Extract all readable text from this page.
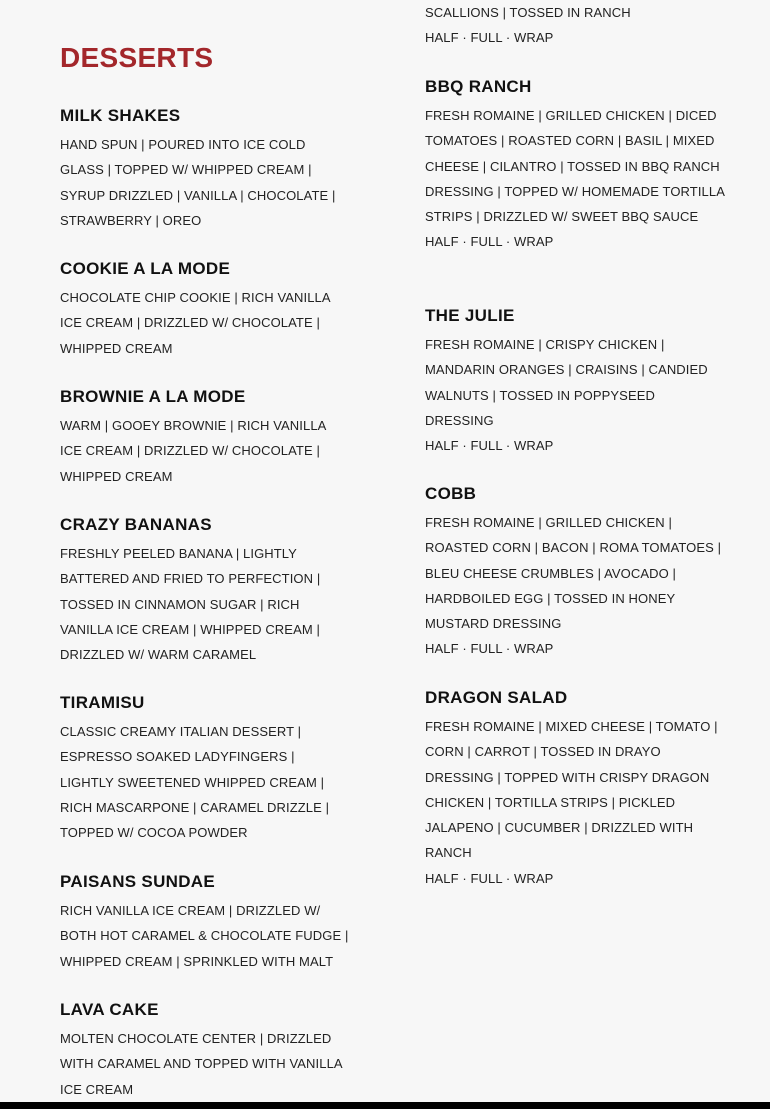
DESSERTS
MILK SHAKES

HAND SPUN | POURED INTO ICE COLD GLASS | TOPPED W/ WHIPPED CREAM | SYRUP DRIZZLED | VANILLA | CHOCOLATE | STRAWBERRY | OREO

COOKIE A LA MODE

CHOCOLATE CHIP COOKIE | RICH VANILLA ICE CREAM | DRIZZLED W/ CHOCOLATE | WHIPPED CREAM

BROWNIE A LA MODE

WARM | GOOEY BROWNIE | RICH VANILLA ICE CREAM | DRIZZLED W/ CHOCOLATE | WHIPPED CREAM

CRAZY BANANAS

FRESHLY PEELED BANANA | LIGHTLY BATTERED AND FRIED TO PERFECTION | TOSSED IN CINNAMON SUGAR | RICH VANILLA ICE CREAM | WHIPPED CREAM | DRIZZLED W/ WARM CARAMEL

TIRAMISU

CLASSIC CREAMY ITALIAN DESSERT | ESPRESSO SOAKED LADYFINGERS | LIGHTLY SWEETENED WHIPPED CREAM | RICH MASCARPONE | CARAMEL DRIZZLE | TOPPED W/ COCOA POWDER

PAISANS SUNDAE

RICH VANILLA ICE CREAM | DRIZZLED W/ BOTH HOT CARAMEL & CHOCOLATE FUDGE | WHIPPED CREAM | SPRINKLED WITH MALT

LAVA CAKE

MOLTEN CHOCOLATE CENTER | DRIZZLED WITH CARAMEL AND TOPPED WITH VANILLA ICE CREAM

SCALLIONS | TOSSED IN RANCH

HALF · FULL · WRAP

BBQ RANCH

FRESH ROMAINE | GRILLED CHICKEN | DICED TOMATOES | ROASTED CORN | BASIL | MIXED CHEESE | CILANTRO | TOSSED IN BBQ RANCH DRESSING | TOPPED W/ HOMEMADE TORTILLA STRIPS | DRIZZLED W/ SWEET BBQ SAUCE

HALF · FULL · WRAP

THE JULIE

FRESH ROMAINE | CRISPY CHICKEN | MANDARIN ORANGES | CRAISINS | CANDIED WALNUTS | TOSSED IN POPPYSEED DRESSING

HALF · FULL · WRAP

COBB

FRESH ROMAINE | GRILLED CHICKEN | ROASTED CORN | BACON | ROMA TOMATOES | BLEU CHEESE CRUMBLES | AVOCADO | HARDBOILED EGG | TOSSED IN HONEY MUSTARD DRESSING

HALF · FULL · WRAP

DRAGON SALAD

FRESH ROMAINE | MIXED CHEESE | TOMATO | CORN | CARROT | TOSSED IN DRAYO DRESSING | TOPPED WITH CRISPY DRAGON CHICKEN | TORTILLA STRIPS | PICKLED JALAPENO | CUCUMBER | DRIZZLED WITH RANCH

HALF · FULL · WRAP
